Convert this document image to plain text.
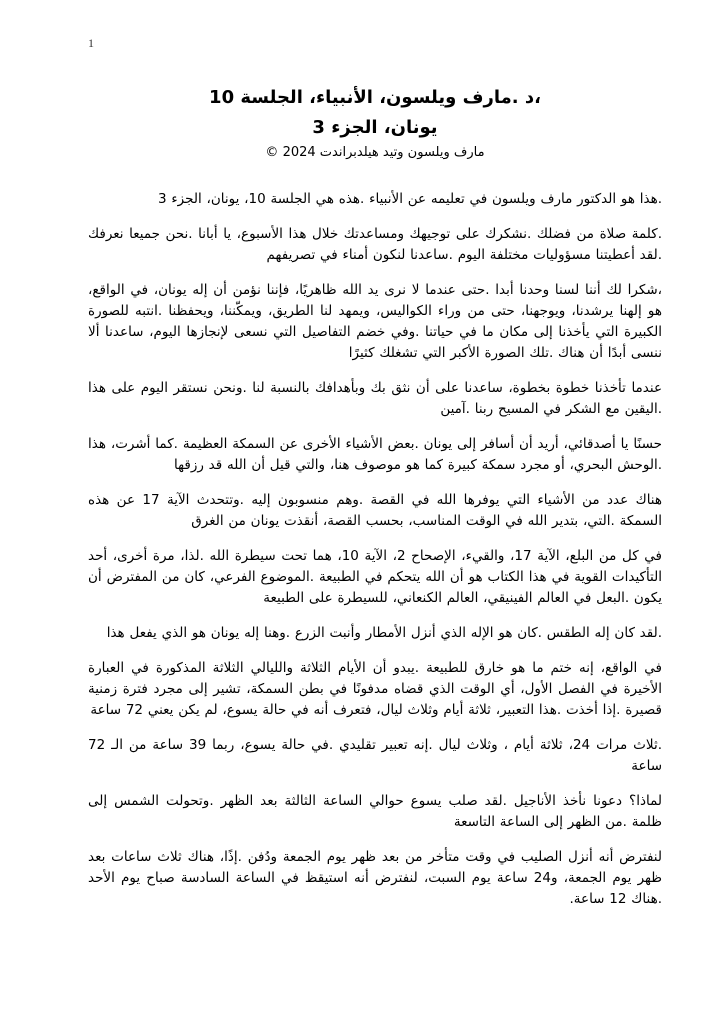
1
،د .مارف ويلسون، الأنبياء، الجلسة 10
يونان، الجزء 3
مارف ويلسون وتيد هيلدبراندت 2024 ©

.هذا هو الدكتور مارف ويلسون في تعليمه عن الأنبياء .هذه هي الجلسة 10، يونان، الجزء 3

.كلمة صلاة من فضلك .نشكرك على توجيهك ومساعدتك خلال هذا الأسبوع، يا أبانا .نحن جميعا نعرفك .لقد أعطيتنا مسؤوليات مختلفة اليوم .ساعدنا لنكون أمناء في تصريفهم

،شكرا لك أننا لسنا وحدنا أبدا .حتى عندما لا نرى يد الله ظاهريًا، فإننا نؤمن أن إله يونان، في الواقع، هو إلهنا يرشدنا، ويوجهنا، حتى من وراء الكواليس، ويمهد لنا الطريق، ويمكّننا، ويحفظنا .انتبه للصورة الكبيرة التي يأخذنا إلى مكان ما في حياتنا .وفي خضم التفاصيل التي نسعى لإنجازها اليوم، ساعدنا ألا ننسى أبدًا أن هناك .تلك الصورة الأكبر التي تشغلك كثيرًا

عندما تأخذنا خطوة بخطوة، ساعدنا على أن نثق بك وبأهدافك بالنسبة لنا .ونحن نستقر اليوم على هذا .اليقين مع الشكر في المسيح ربنا .آمين

حسنًا يا أصدقائي، أريد أن أسافر إلى يونان .بعض الأشياء الأخرى عن السمكة العظيمة .كما أشرت، هذا .الوحش البحري، أو مجرد سمكة كبيرة كما هو موصوف هنا، والتي قيل أن الله قد رزقها

هناك عدد من الأشياء التي يوفرها الله في القصة .وهم منسوبون إليه .وتتحدث الآية 17 عن هذه السمكة .التي، بتدير الله في الوقت المناسب، بحسب القصة، أنقذت يونان من الغرق

في كل من البلع، الآية 17، والقيء، الإصحاح 2، الآية 10، هما تحت سيطرة الله .لذا، مرة أخرى، أحد التأكيدات القوية في هذا الكتاب هو أن الله يتحكم في الطبيعة .الموضوع الفرعي، كان من المفترض أن يكون .البعل في العالم الفينيقي، العالم الكنعاني، للسيطرة على الطبيعة

.لقد كان إله الطقس .كان هو الإله الذي أنزل الأمطار وأنبت الزرع .وهنا إله يونان هو الذي يفعل هذا

في الواقع، إنه ختم ما هو خارق للطبيعة .يبدو أن الأيام الثلاثة والليالي الثلاثة المذكورة في العبارة الأخيرة في الفصل الأول، أي الوقت الذي قضاه مدفونًا في بطن السمكة، تشير إلى مجرد فترة زمنية قصيرة .إذا أخذت .هذا التعبير، ثلاثة أيام وثلاث ليال، فتعرف أنه في حالة يسوع، لم يكن يعني 72 ساعة

.ثلاث مرات 24، ثلاثة أيام ، وثلاث ليال .إنه تعبير تقليدي .في حالة يسوع، ربما 39 ساعة من الـ 72 ساعة

لماذا؟ دعونا نأخذ الأناجيل .لقد صلب يسوع حوالي الساعة الثالثة بعد الظهر .وتحولت الشمس إلى ظلمة .من الظهر إلى الساعة التاسعة

لنفترض أنه أنزل الصليب في وقت متأخر من بعد ظهر يوم الجمعة ودُفن .إذًا، هناك ثلاث ساعات بعد ظهر يوم الجمعة، و24 ساعة يوم السبت، لنفترض أنه استيقظ في الساعة السادسة صباح يوم الأحد .هناك 12 ساعة.
